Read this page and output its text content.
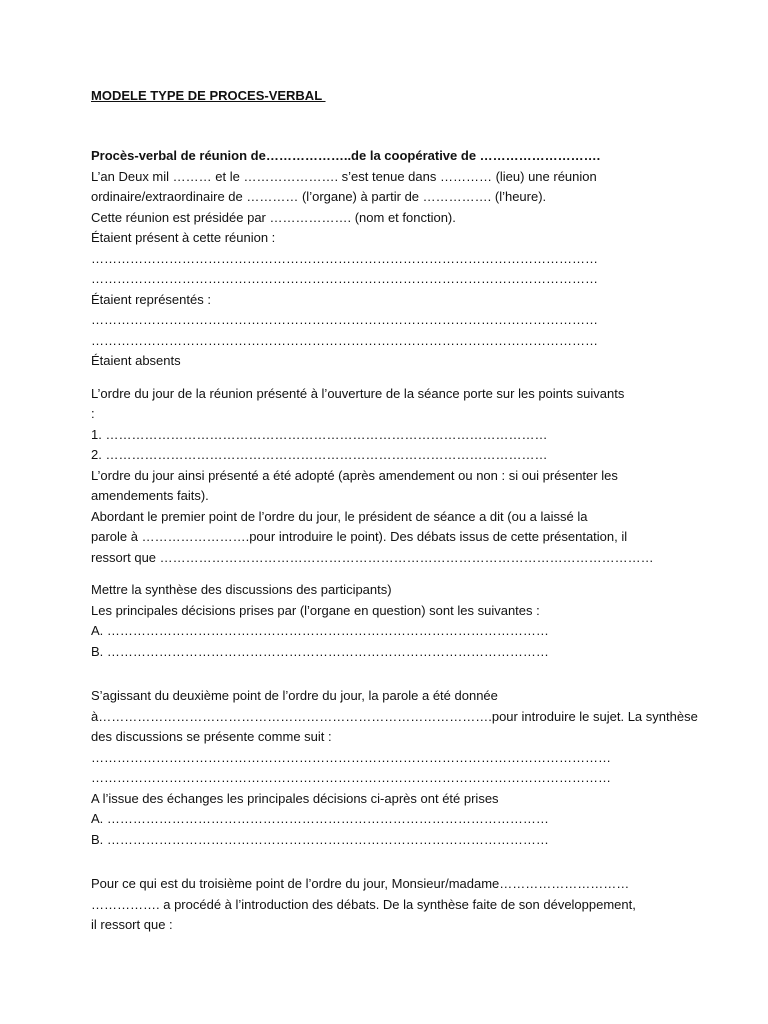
MODELE TYPE DE PROCES-VERBAL
Procès-verbal de réunion de………………..de la coopérative de ……………………….
L’an Deux mil ……… et le …………………. s’est tenue dans ………… (lieu) une réunion
ordinaire/extraordinaire de ………… (l’organe) à partir de ……………. (l’heure).
Cette réunion est présidée par ………………. (nom et fonction).
Étaient présent à cette réunion :
………………………………………………………………………………………………………
………………………………………………………………………………………………………
Étaient représentés :
………………………………………………………………………………………………………
………………………………………………………………………………………………………
Étaient absents
L’ordre du jour de la réunion présenté à l’ouverture de la séance porte sur les points suivants
:
1. …………………………………………………………………………………………
2. …………………………………………………………………………………………
L’ordre du jour ainsi présenté a été adopté (après amendement ou non : si oui présenter les
amendements faits).
Abordant le premier point de l’ordre du jour, le président de séance a dit (ou a laissé la
parole à …………………….pour introduire le point). Des débats issus de cette présentation, il
ressort que ……………………………………………………………………………………………………
Mettre la synthèse des discussions des participants)
Les principales décisions prises par (l’organe en question) sont les suivantes :
A. …………………………………………………………………………………………
B. …………………………………………………………………………………………
S’agissant du deuxième point de l’ordre du jour, la parole a été donnée
à……………………………………………………………………………….pour introduire le sujet. La synthèse
des discussions se présente comme suit :
…………………………………………………………………………………………………………
…………………………………………………………………………………………………………
A l’issue des échanges les principales décisions ci-après ont été prises
A. …………………………………………………………………………………………
B. …………………………………………………………………………………………
Pour ce qui est du troisième point de l’ordre du jour, Monsieur/madame…………………………
……………. a procédé à l’introduction des débats. De la synthèse faite de son développement,
il ressort que :
